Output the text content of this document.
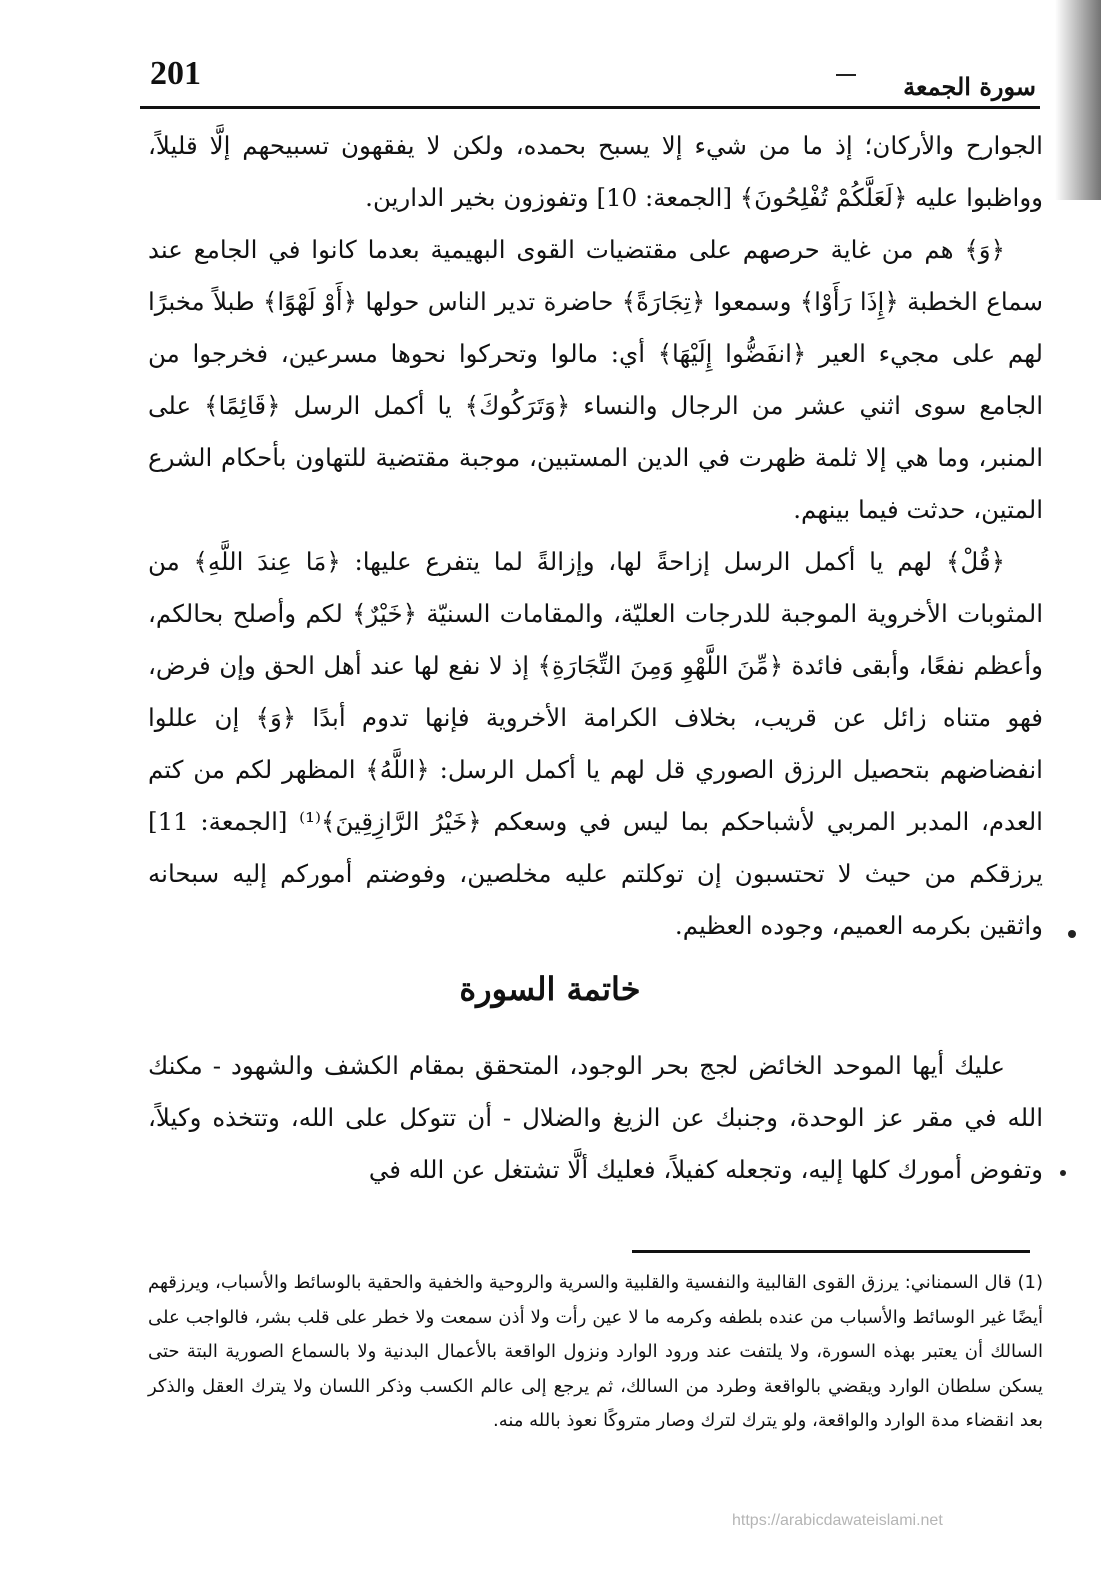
201	سورة الجمعة

الجوارح والأركان؛ إذ ما من شيء إلا يسبح بحمده، ولكن لا يفقهون تسبيحهم إلَّا قليلاً، وواظبوا عليه ﴿لَعَلَّكُمْ تُفْلِحُونَ﴾ [الجمعة: 10] وتفوزون بخير الدارين.

﴿وَ﴾ هم من غاية حرصهم على مقتضيات القوى البهيمية بعدما كانوا في الجامع عند سماع الخطبة ﴿إِذَا رَأَوْا﴾ وسمعوا ﴿تِجَارَةً﴾ حاضرة تدير الناس حولها ﴿أَوْ لَهْوًا﴾ طبلاً مخبرًا لهم على مجيء العير ﴿انفَضُّوا إِلَيْهَا﴾ أي: مالوا وتحركوا نحوها مسرعين، فخرجوا من الجامع سوى اثني عشر من الرجال والنساء ﴿وَتَرَكُوكَ﴾ يا أكمل الرسل ﴿قَائِمًا﴾ على المنبر، وما هي إلا ثلمة ظهرت في الدين المستبين، موجبة مقتضية للتهاون بأحكام الشرع المتين، حدثت فيما بينهم.

﴿قُلْ﴾ لهم يا أكمل الرسل إزاحةً لها، وإزالةً لما يتفرع عليها: ﴿مَا عِندَ اللَّهِ﴾ من المثوبات الأخروية الموجبة للدرجات العليّة، والمقامات السنيّة ﴿خَيْرٌ﴾ لكم وأصلح بحالكم، وأعظم نفعًا، وأبقى فائدة ﴿مِّنَ اللَّهْوِ وَمِنَ التِّجَارَةِ﴾ إذ لا نفع لها عند أهل الحق وإن فرض، فهو متناه زائل عن قريب، بخلاف الكرامة الأخروية فإنها تدوم أبدًا ﴿وَ﴾ إن عللوا انفضاضهم بتحصيل الرزق الصوري قل لهم يا أكمل الرسل: ﴿اللَّهُ﴾ المظهر لكم من كتم العدم، المدبر المربي لأشباحكم بما ليس في وسعكم ﴿خَيْرُ الرَّازِقِينَ﴾⁽¹⁾ [الجمعة: 11] يرزقكم من حيث لا تحتسبون إن توكلتم عليه مخلصين، وفوضتم أموركم إليه سبحانه واثقين بكرمه العميم، وجوده العظيم.

خاتمة السورة

عليك أيها الموحد الخائض لجج بحر الوجود، المتحقق بمقام الكشف والشهود - مكنك الله في مقر عز الوحدة، وجنبك عن الزيغ والضلال - أن تتوكل على الله، وتتخذه وكيلاً، وتفوض أمورك كلها إليه، وتجعله كفيلاً، فعليك ألَّا تشتغل عن الله في

(1) قال السمناني: يرزق القوى القالبية والنفسية والقلبية والسرية والروحية والخفية والحقية بالوسائط والأسباب، ويرزقهم أيضًا غير الوسائط والأسباب من عنده بلطفه وكرمه ما لا عين رأت ولا أذن سمعت ولا خطر على قلب بشر، فالواجب على السالك أن يعتبر بهذه السورة، ولا يلتفت عند ورود الوارد ونزول الواقعة بالأعمال البدنية ولا بالسماع الصورية البتة حتى يسكن سلطان الوارد ويقضي بالواقعة وطرد من السالك، ثم يرجع إلى عالم الكسب وذكر اللسان ولا يترك العقل والذكر بعد انقضاء مدة الوارد والواقعة، ولو يترك لترك وصار متروكًا نعوذ بالله منه.

https://arabicdawateislami.net
